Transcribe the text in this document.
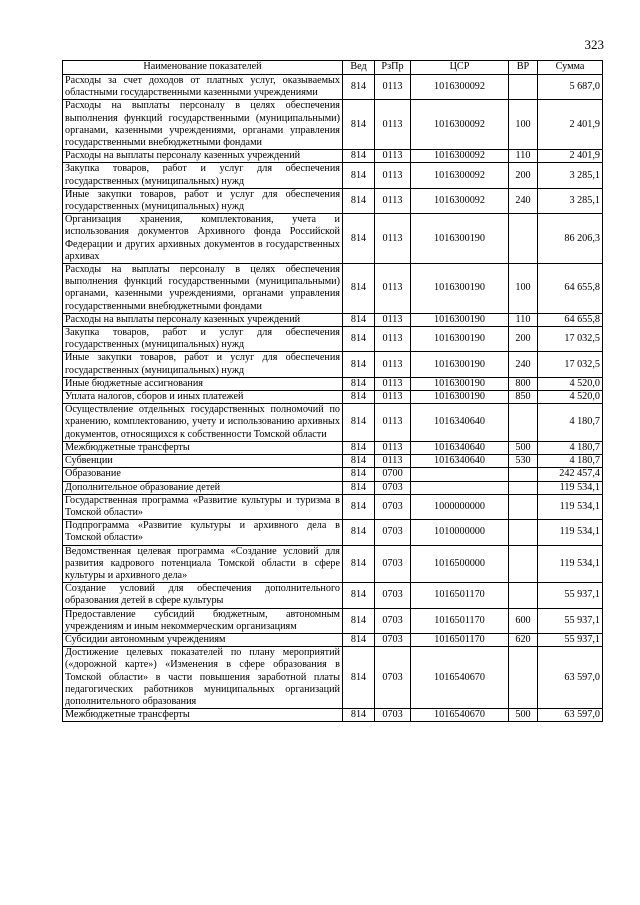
323
Наименование показателей	Вед	РзПр	ЦСР	ВР	Сумма
Расходы за счет доходов от платных услуг, оказываемых областными государственными казенными учреждениями	814	0113	1016300092		5 687,0
Расходы на выплаты персоналу в целях обеспечения выполнения функций государственными (муниципальными) органами, казенными учреждениями, органами управления государственными внебюджетными фондами	814	0113	1016300092	100	2 401,9
Расходы на выплаты персоналу казенных учреждений	814	0113	1016300092	110	2 401,9
Закупка товаров, работ и услуг для обеспечения государственных (муниципальных) нужд	814	0113	1016300092	200	3 285,1
Иные закупки товаров, работ и услуг для обеспечения государственных (муниципальных) нужд	814	0113	1016300092	240	3 285,1
Организация хранения, комплектования, учета и использования документов Архивного фонда Российской Федерации и других архивных документов в государственных архивах	814	0113	1016300190		86 206,3
Расходы на выплаты персоналу в целях обеспечения выполнения функций государственными (муниципальными) органами, казенными учреждениями, органами управления государственными внебюджетными фондами	814	0113	1016300190	100	64 655,8
Расходы на выплаты персоналу казенных учреждений	814	0113	1016300190	110	64 655,8
Закупка товаров, работ и услуг для обеспечения государственных (муниципальных) нужд	814	0113	1016300190	200	17 032,5
Иные закупки товаров, работ и услуг для обеспечения государственных (муниципальных) нужд	814	0113	1016300190	240	17 032,5
Иные бюджетные ассигнования	814	0113	1016300190	800	4 520,0
Уплата налогов, сборов и иных платежей	814	0113	1016300190	850	4 520,0
Осуществление отдельных государственных полномочий по хранению, комплектованию, учету и использованию архивных документов, относящихся к собственности Томской области	814	0113	1016340640		4 180,7
Межбюджетные трансферты	814	0113	1016340640	500	4 180,7
Субвенции	814	0113	1016340640	530	4 180,7
Образование	814	0700			242 457,4
Дополнительное образование детей	814	0703			119 534,1
Государственная программа «Развитие культуры и туризма в Томской области»	814	0703	1000000000		119 534,1
Подпрограмма «Развитие культуры и архивного дела в Томской области»	814	0703	1010000000		119 534,1
Ведомственная целевая программа «Создание условий для развития кадрового потенциала Томской области в сфере культуры и архивного дела»	814	0703	1016500000		119 534,1
Создание условий для обеспечения дополнительного образования детей в сфере культуры	814	0703	1016501170		55 937,1
Предоставление субсидий бюджетным, автономным учреждениям и иным некоммерческим организациям	814	0703	1016501170	600	55 937,1
Субсидии автономным учреждениям	814	0703	1016501170	620	55 937,1
Достижение целевых показателей по плану мероприятий («дорожной карте») «Изменения в сфере образования в Томской области» в части повышения заработной платы педагогических работников муниципальных организаций дополнительного образования	814	0703	1016540670		63 597,0
Межбюджетные трансферты	814	0703	1016540670	500	63 597,0
